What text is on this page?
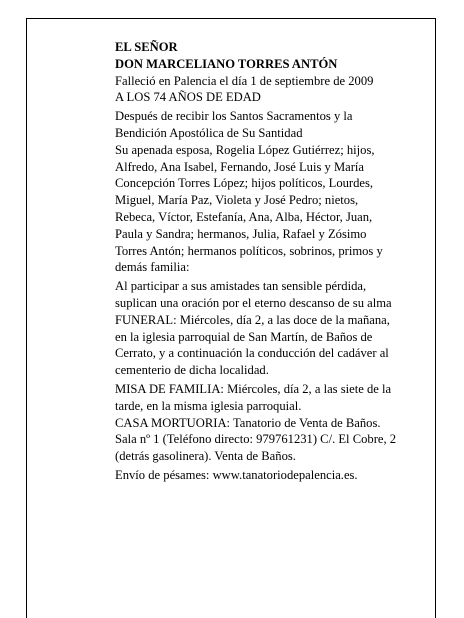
EL SEÑOR

DON MARCELIANO TORRES ANTÓN

Falleció en Palencia el día 1 de septiembre de 2009

A LOS 74 AÑOS DE EDAD

Después de recibir los Santos Sacramentos y la
Bendición Apostólica de Su Santidad

Su apenada esposa, Rogelia López Gutiérrez; hijos,
Alfredo, Ana Isabel, Fernando, José Luis y María
Concepción Torres López; hijos políticos, Lourdes,
Miguel, María Paz, Violeta y José Pedro; nietos,
Rebeca, Víctor, Estefanía, Ana, Alba, Héctor, Juan,
Paula y Sandra; hermanos, Julia, Rafael y Zósimo
Torres Antón; hermanos políticos, sobrinos, primos y
demás familia:

Al participar a sus amistades tan sensible pérdida,
suplican una oración por el eterno descanso de su alma

FUNERAL: Miércoles, día 2, a las doce de la mañana,
en la iglesia parroquial de San Martín, de Baños de
Cerrato, y a continuación la conducción del cadáver al
cementerio de dicha localidad.

MISA DE FAMILIA: Miércoles, día 2, a las siete de la
tarde, en la misma iglesia parroquial.

CASA MORTUORIA: Tanatorio de Venta de Baños.
Sala nº 1 (Teléfono directo: 979761231) C/. El Cobre, 2
(detrás gasolinera). Venta de Baños.

Envío de pésames: www.tanatoriodepalencia.es.
